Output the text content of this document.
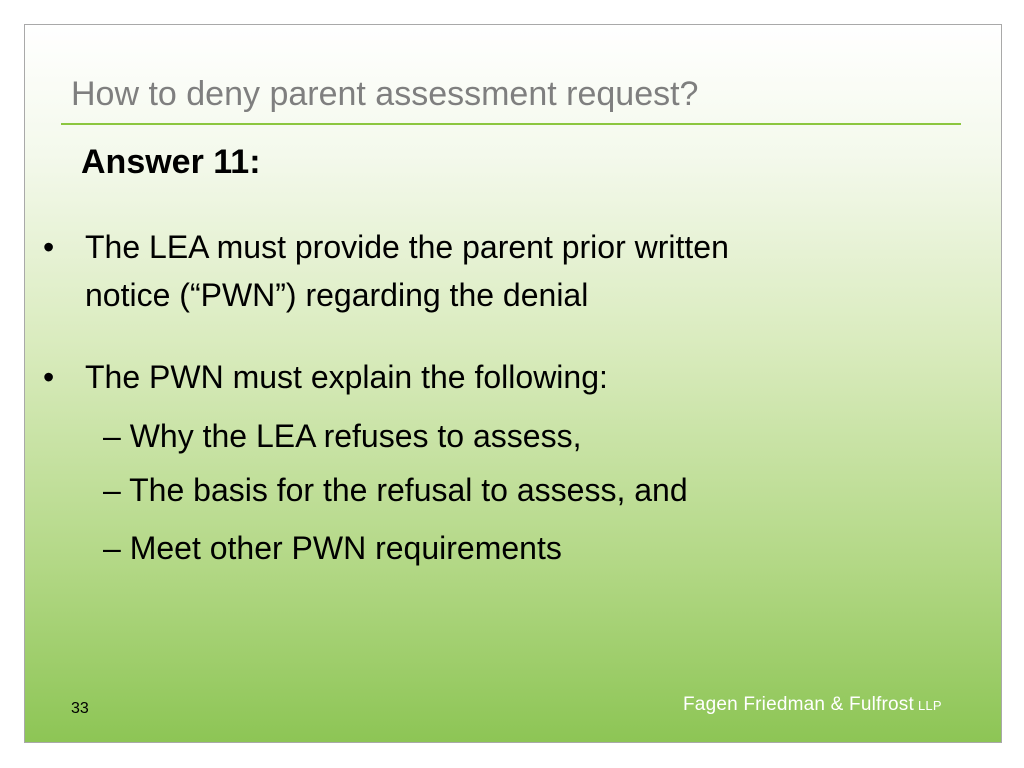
How to deny parent assessment request?
Answer 11:
• The LEA must provide the parent prior written
notice (“PWN”) regarding the denial
• The PWN must explain the following:
– Why the LEA refuses to assess,
– The basis for the refusal to assess, and
– Meet other PWN requirements
33	Fagen Friedman & Fulfrost LLP
